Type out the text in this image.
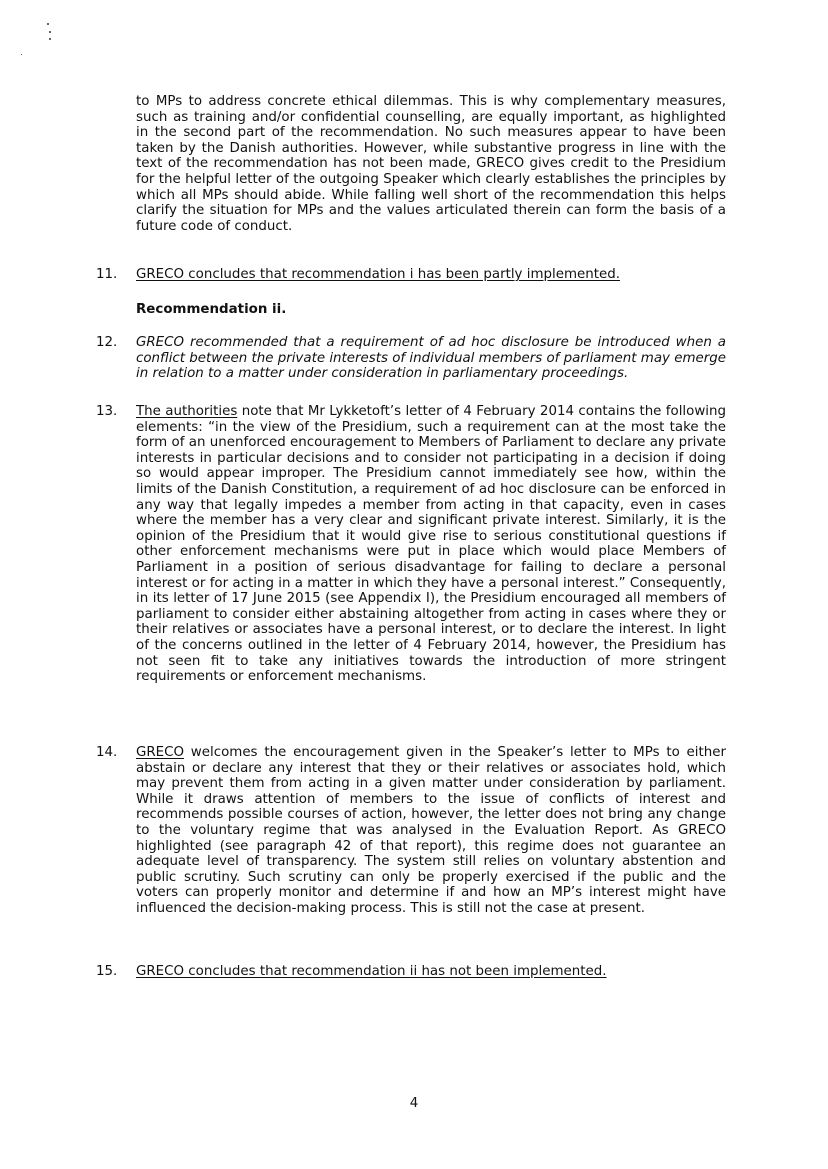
to MPs to address concrete ethical dilemmas. This is why complementary measures, such as training and/or confidential counselling, are equally important, as highlighted in the second part of the recommendation. No such measures appear to have been taken by the Danish authorities. However, while substantive progress in line with the text of the recommendation has not been made, GRECO gives credit to the Presidium for the helpful letter of the outgoing Speaker which clearly establishes the principles by which all MPs should abide. While falling well short of the recommendation this helps clarify the situation for MPs and the values articulated therein can form the basis of a future code of conduct.

11. GRECO concludes that recommendation i has been partly implemented.

Recommendation ii.

12. GRECO recommended that a requirement of ad hoc disclosure be introduced when a conflict between the private interests of individual members of parliament may emerge in relation to a matter under consideration in parliamentary proceedings.

13. The authorities note that Mr Lykketoft’s letter of 4 February 2014 contains the following elements: “in the view of the Presidium, such a requirement can at the most take the form of an unenforced encouragement to Members of Parliament to declare any private interests in particular decisions and to consider not participating in a decision if doing so would appear improper. The Presidium cannot immediately see how, within the limits of the Danish Constitution, a requirement of ad hoc disclosure can be enforced in any way that legally impedes a member from acting in that capacity, even in cases where the member has a very clear and significant private interest. Similarly, it is the opinion of the Presidium that it would give rise to serious constitutional questions if other enforcement mechanisms were put in place which would place Members of Parliament in a position of serious disadvantage for failing to declare a personal interest or for acting in a matter in which they have a personal interest.” Consequently, in its letter of 17 June 2015 (see Appendix I), the Presidium encouraged all members of parliament to consider either abstaining altogether from acting in cases where they or their relatives or associates have a personal interest, or to declare the interest. In light of the concerns outlined in the letter of 4 February 2014, however, the Presidium has not seen fit to take any initiatives towards the introduction of more stringent requirements or enforcement mechanisms.

14. GRECO welcomes the encouragement given in the Speaker’s letter to MPs to either abstain or declare any interest that they or their relatives or associates hold, which may prevent them from acting in a given matter under consideration by parliament. While it draws attention of members to the issue of conflicts of interest and recommends possible courses of action, however, the letter does not bring any change to the voluntary regime that was analysed in the Evaluation Report. As GRECO highlighted (see paragraph 42 of that report), this regime does not guarantee an adequate level of transparency. The system still relies on voluntary abstention and public scrutiny. Such scrutiny can only be properly exercised if the public and the voters can properly monitor and determine if and how an MP’s interest might have influenced the decision-making process. This is still not the case at present.

15. GRECO concludes that recommendation ii has not been implemented.

4
